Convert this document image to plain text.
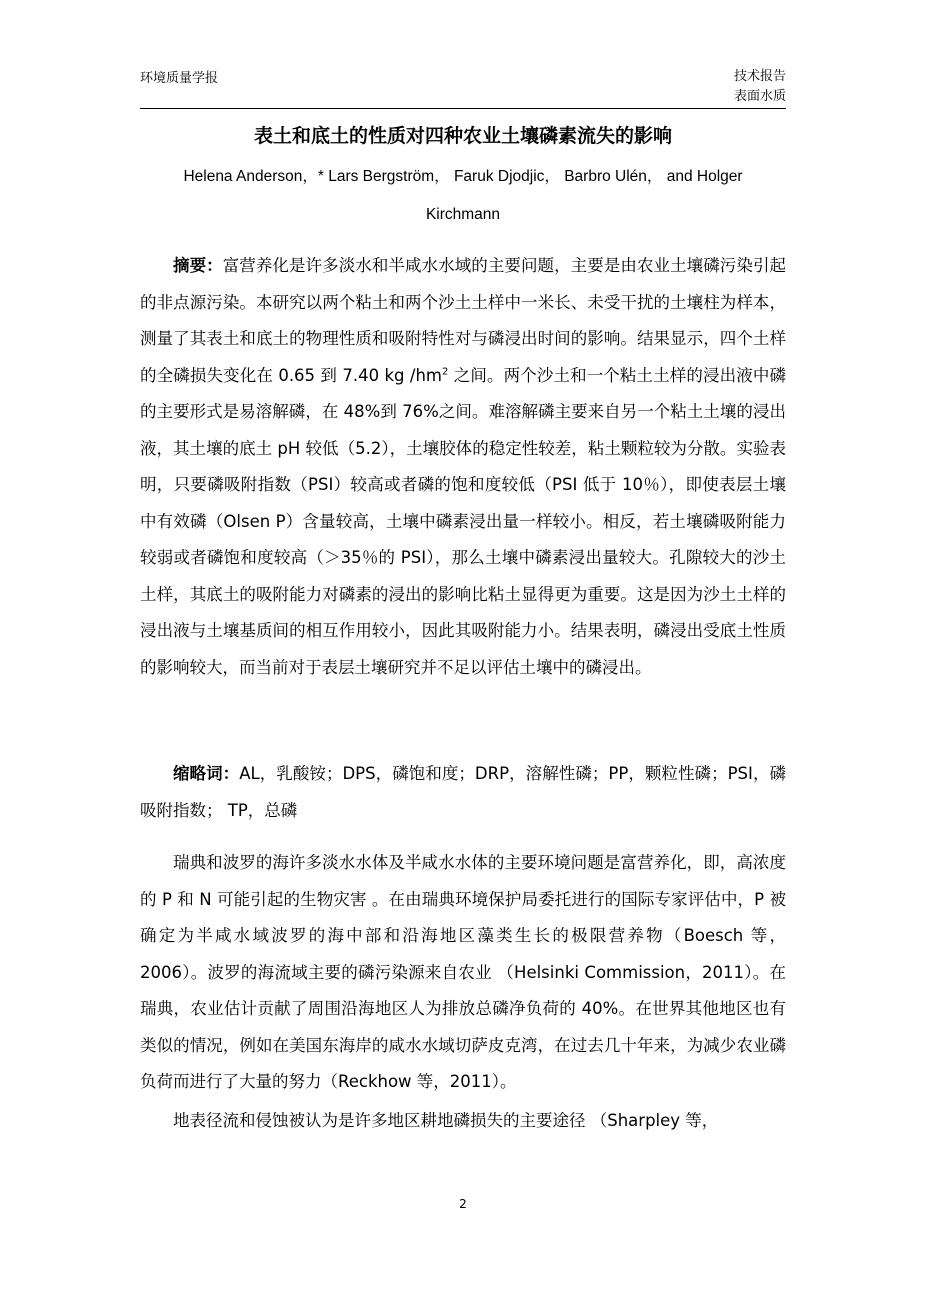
环境质量学报	技术报告
表面水质
表土和底土的性质对四种农业土壤磷素流失的影响
Helena Anderson，* Lars Bergström， Faruk Djodjic， Barbro Ulén， and Holger
Kirchmann

摘要：富营养化是许多淡水和半咸水水域的主要问题，主要是由农业土壤磷污染引起的非点源污染。本研究以两个粘土和两个沙土土样中一米长、未受干扰的土壤柱为样本，测量了其表土和底土的物理性质和吸附特性对与磷浸出时间的影响。结果显示，四个土样的全磷损失变化在 0.65 到 7.40 kg $/hm^2$ 之间。两个沙土和一个粘土土样的浸出液中磷的主要形式是易溶解磷，在 48%到 76%之间。难溶解磷主要来自另一个粘土土壤的浸出液，其土壤的底土 pH 较低（5.2），土壤胶体的稳定性较差，粘土颗粒较为分散。实验表明，只要磷吸附指数（PSI）较高或者磷的饱和度较低（PSI 低于 10％），即使表层土壤中有效磷（Olsen P）含量较高，土壤中磷素浸出量一样较小。相反，若土壤磷吸附能力较弱或者磷饱和度较高（＞35％的 PSI），那么土壤中磷素浸出量较大。孔隙较大的沙土土样，其底土的吸附能力对磷素的浸出的影响比粘土显得更为重要。这是因为沙土土样的浸出液与土壤基质间的相互作用较小，因此其吸附能力小。结果表明，磷浸出受底土性质的影响较大，而当前对于表层土壤研究并不足以评估土壤中的磷浸出。

缩略词：AL，乳酸铵；DPS，磷饱和度；DRP，溶解性磷；PP，颗粒性磷；PSI，磷吸附指数； TP，总磷

瑞典和波罗的海许多淡水水体及半咸水水体的主要环境问题是富营养化，即，高浓度的 P 和 N 可能引起的生物灾害 。在由瑞典环境保护局委托进行的国际专家评估中，P 被确定为半咸水域波罗的海中部和沿海地区藻类生长的极限营养物（Boesch 等， 2006）。波罗的海流域主要的磷污染源来自农业 （Helsinki Commission，2011）。在瑞典，农业估计贡献了周围沿海地区人为排放总磷净负荷的 40%。在世界其他地区也有类似的情况，例如在美国东海岸的咸水水域切萨皮克湾，在过去几十年来，为减少农业磷负荷而进行了大量的努力（Reckhow 等，2011）。

地表径流和侵蚀被认为是许多地区耕地磷损失的主要途径 （Sharpley 等，

2
